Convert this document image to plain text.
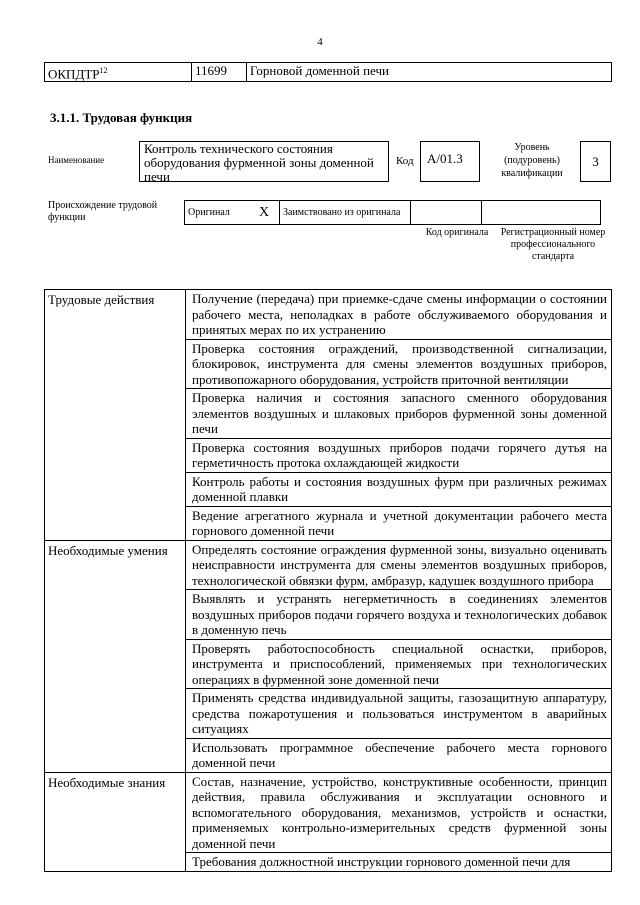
4
ОКПДТР$^{12}$	11699	Горновой доменной печи
3.1.1. Трудовая функция
Наименование
Контроль технического состояния оборудования фурменной зоны доменной печи
Код	А/01.3
Уровень (подуровень) квалификации
3
Происхождение трудовой функции	Оригинал	X	Заимствовано из оригинала		
Код оригинала	Регистрационный номер профессионального стандарта
Трудовые действия	Получение (передача) при приемке-сдаче смены информации о состоянии рабочего места, неполадках в работе обслуживаемого оборудования и принятых мерах по их устранению
	Проверка состояния ограждений, производственной сигнализации, блокировок, инструмента для смены элементов воздушных приборов, противопожарного оборудования, устройств приточной вентиляции
	Проверка наличия и состояния запасного сменного оборудования элементов воздушных и шлаковых приборов фурменной зоны доменной печи
	Проверка состояния воздушных приборов подачи горячего дутья на герметичность протока охлаждающей жидкости
	Контроль работы и состояния воздушных фурм при различных режимах доменной плавки
	Ведение агрегатного журнала и учетной документации рабочего места горнового доменной печи
Необходимые умения	Определять состояние ограждения фурменной зоны, визуально оценивать неисправности инструмента для смены элементов воздушных приборов, технологической обвязки фурм, амбразур, кадушек воздушного прибора
	Выявлять и устранять негерметичность в соединениях элементов воздушных приборов подачи горячего воздуха и технологических добавок в доменную печь
	Проверять работоспособность специальной оснастки, приборов, инструмента и приспособлений, применяемых при технологических операциях в фурменной зоне доменной печи
	Применять средства индивидуальной защиты, газозащитную аппаратуру, средства пожаротушения и пользоваться инструментом в аварийных ситуациях
	Использовать программное обеспечение рабочего места горнового доменной печи
Необходимые знания	Состав, назначение, устройство, конструктивные особенности, принцип действия, правила обслуживания и эксплуатации основного и вспомогательного оборудования, механизмов, устройств и оснастки, применяемых контрольно-измерительных средств фурменной зоны доменной печи
	Требования должностной инструкции горнового доменной печи для
